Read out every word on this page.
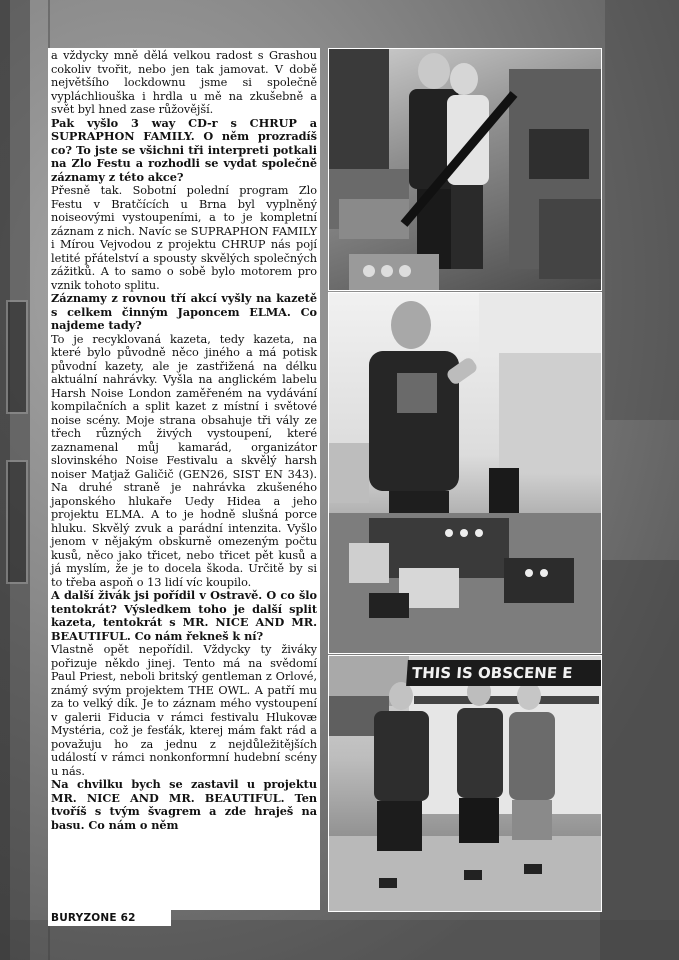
a vždycky mně dělá velkou radost s Grashou cokoliv tvořit, nebo jen tak jamovat. V době největšího lockdownu jsme si společně vypláchliouška i hrdla u mě na zkušebně a svět byl hned zase růžovější.

Pak vyšlo 3 way CD-r s CHRUP a SUPRAPHON FAMILY. O něm prozradíš co? To jste se všichni tři interpreti potkali na Zlo Festu a rozhodli se vydat společně záznamy z této akce?

Přesně tak. Sobotní polední program Zlo Festu v Bratčících u Brna byl vyplněný noiseovými vystoupeními, a to je kompletní záznam z nich. Navíc se SUPRAPHON FAMILY i Mírou Vejvodou z projektu CHRUP nás pojí letité přátelství a spousty skvělých společných zážitků. A to samo o sobě bylo motorem pro vznik tohoto splitu.

Záznamy z rovnou tří akcí vyšly na kazetě s celkem činným Japoncem ELMA. Co najdeme tady?

To je recyklovaná kazeta, tedy kazeta, na které bylo původně něco jiného a má potisk původní kazety, ale je zastřižená na délku aktuální nahrávky. Vyšla na anglickém labelu Harsh Noise London zaměřeném na vydávání kompilačních a split kazet z místní i světové noise scény. Moje strana obsahuje tři vály ze třech různých živých vystoupení, které zaznamenal můj kamarád, organizátor slovinského Noise Festivalu a skvělý harsh noiser Matjaž Galičič (GEN26, SIST EN 343). Na druhé straně je nahrávka zkušeného japonského hlukaře Uedy Hidea a jeho projektu ELMA. A to je hodně slušná porce hluku. Skvělý zvuk a parádní intenzita. Vyšlo jenom v nějakým obskurně omezeným počtu kusů, něco jako třicet, nebo třicet pět kusů a já myslím, že je to docela škoda. Určitě by si to třeba aspoň o 13 lidí víc koupilo.

A další živák jsi pořídil v Ostravě. O co šlo tentokrát? Výsledkem toho je další split kazeta, tentokrát s MR. NICE AND MR. BEAUTIFUL. Co nám řekneš k ní?

Vlastně opět nepořídil. Vždycky ty živáky pořizuje někdo jinej. Tento má na svědomí Paul Priest, neboli britský gentleman z Orlové, známý svým projektem THE OWL. A patří mu za to velký dík. Je to záznam mého vystoupení v galerii Fiducia v rámci festivalu Hlukovæ Mystéria, což je fesťák, kterej mám fakt rád a považuju ho za jednu z nejdůležitějších událostí v rámci nonkonformní hudební scény u nás.

Na chvilku bych se zastavil u projektu MR. NICE AND MR. BEAUTIFUL. Ten tvoříš s tvým švagrem a zde hraješ na basu. Co nám o něm

BURYZONE 62
THIS IS OBSCENE E
